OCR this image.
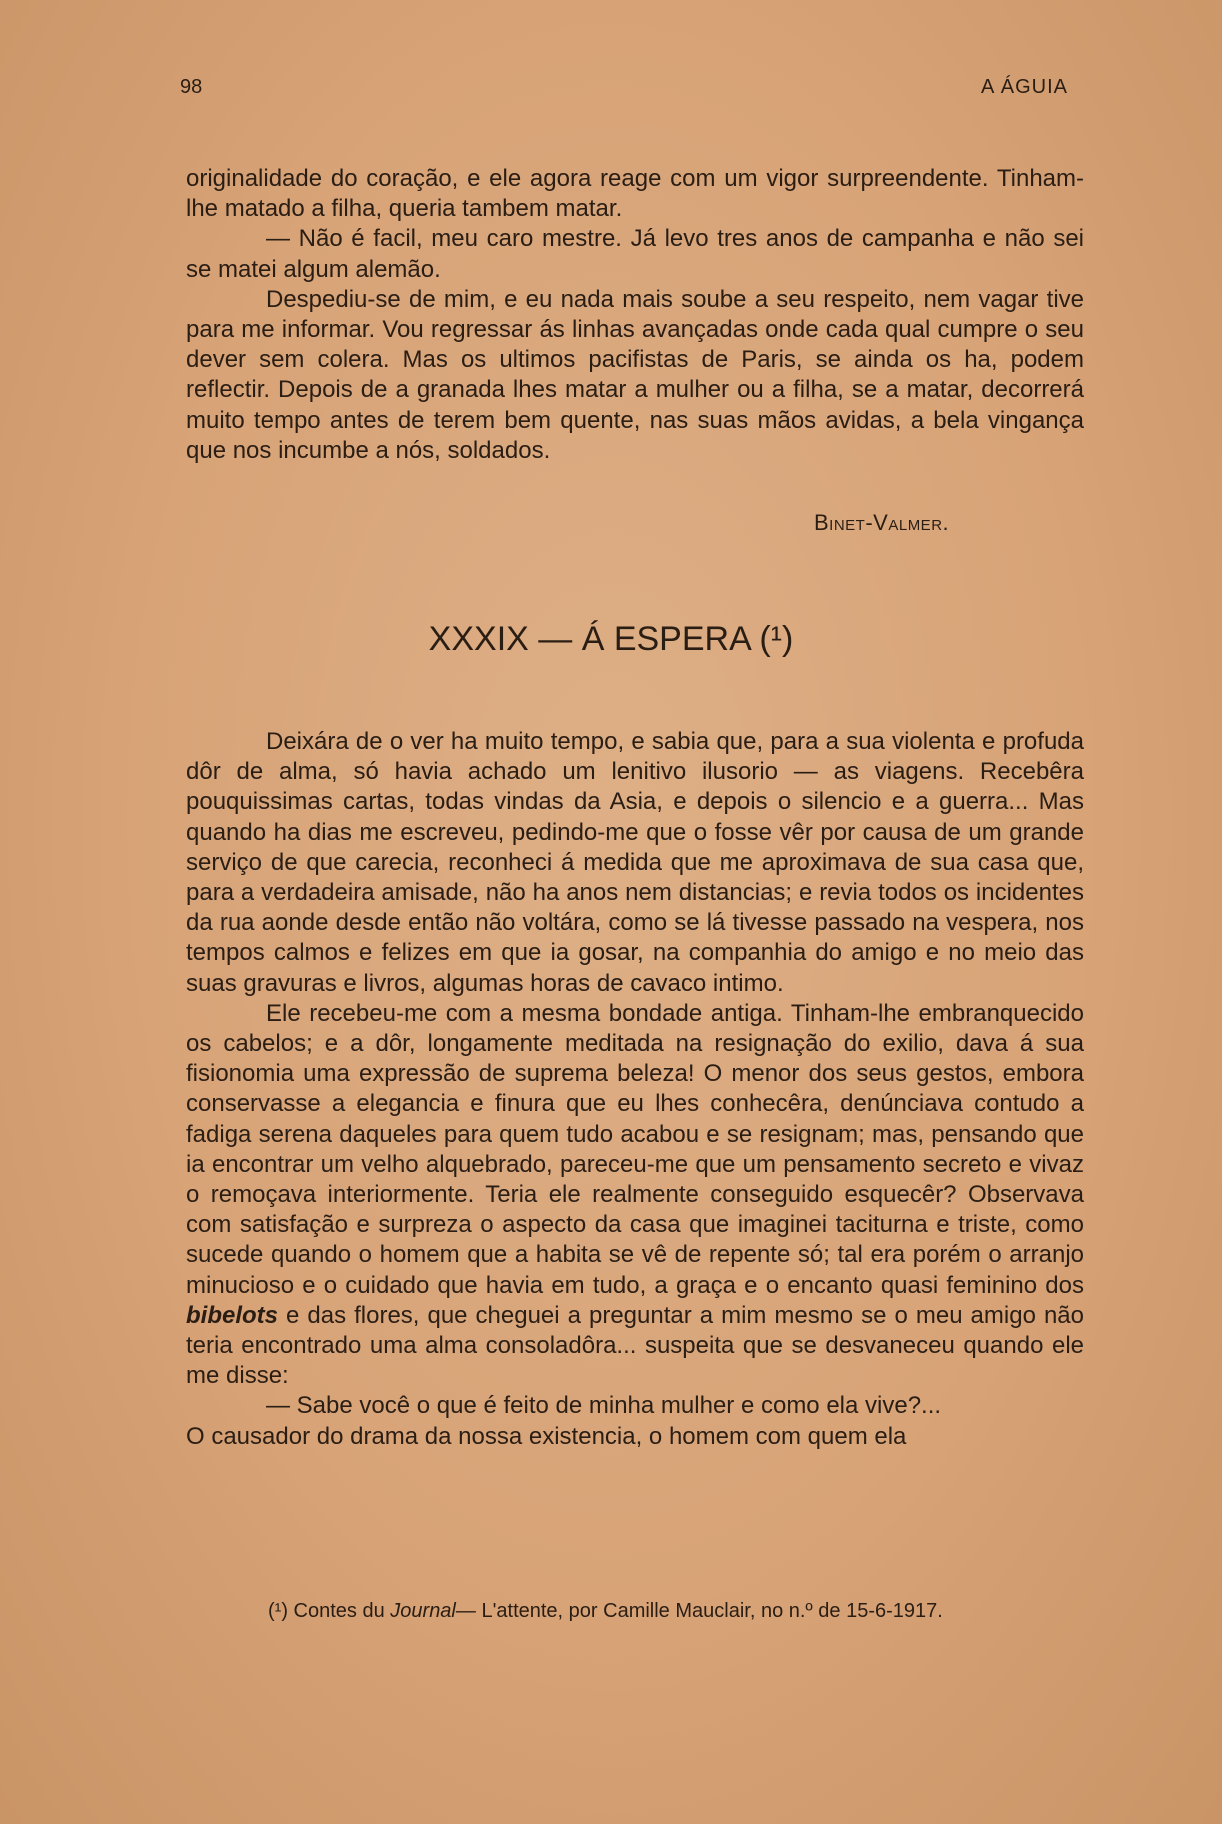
98	A ÁGUIA

originalidade do coração, e ele agora reage com um vigor surpreendente. Tinham-lhe matado a filha, queria tambem matar.

— Não é facil, meu caro mestre. Já levo tres anos de campanha e não sei se matei algum alemão.

Despediu-se de mim, e eu nada mais soube a seu respeito, nem vagar tive para me informar. Vou regressar ás linhas avançadas onde cada qual cumpre o seu dever sem colera. Mas os ultimos pacifistas de Paris, se ainda os ha, podem reflectir. Depois de a granada lhes matar a mulher ou a filha, se a matar, decorrerá muito tempo antes de terem bem quente, nas suas mãos avidas, a bela vingança que nos incumbe a nós, soldados.

Binet-Valmer.
XXXIX — Á ESPERA (¹)

Deixára de o ver ha muito tempo, e sabia que, para a sua violenta e profuda dôr de alma, só havia achado um lenitivo ilusorio — as viagens. Recebêra pouquissimas cartas, todas vindas da Asia, e depois o silencio e a guerra... Mas quando ha dias me escreveu, pedindo-me que o fosse vêr por causa de um grande serviço de que carecia, reconheci á medida que me aproximava de sua casa que, para a verdadeira amisade, não ha anos nem distancias; e revia todos os incidentes da rua aonde desde então não voltára, como se lá tivesse passado na vespera, nos tempos calmos e felizes em que ia gosar, na companhia do amigo e no meio das suas gravuras e livros, algumas horas de cavaco intimo.

Ele recebeu-me com a mesma bondade antiga. Tinham-lhe embranquecido os cabelos; e a dôr, longamente meditada na resignação do exilio, dava á sua fisionomia uma expressão de suprema beleza! O menor dos seus gestos, embora conservasse a elegancia e finura que eu lhes conhecêra, denúnciava contudo a fadiga serena daqueles para quem tudo acabou e se resignam; mas, pensando que ia encontrar um velho alquebrado, pareceu-me que um pensamento secreto e vivaz o remoçava interiormente. Teria ele realmente conseguido esquecêr? Observava com satisfação e surpreza o aspecto da casa que imaginei taciturna e triste, como sucede quando o homem que a habita se vê de repente só; tal era porém o arranjo minucioso e o cuidado que havia em tudo, a graça e o encanto quasi feminino dos bibelots e das flores, que cheguei a preguntar a mim mesmo se o meu amigo não teria encontrado uma alma consoladôra... suspeita que se desvaneceu quando ele me disse:

— Sabe você o que é feito de minha mulher e como ela vive?...

O causador do drama da nossa existencia, o homem com quem ela

(¹) Contes du Journal— L'attente, por Camille Mauclair, no n.º de 15-6-1917.
